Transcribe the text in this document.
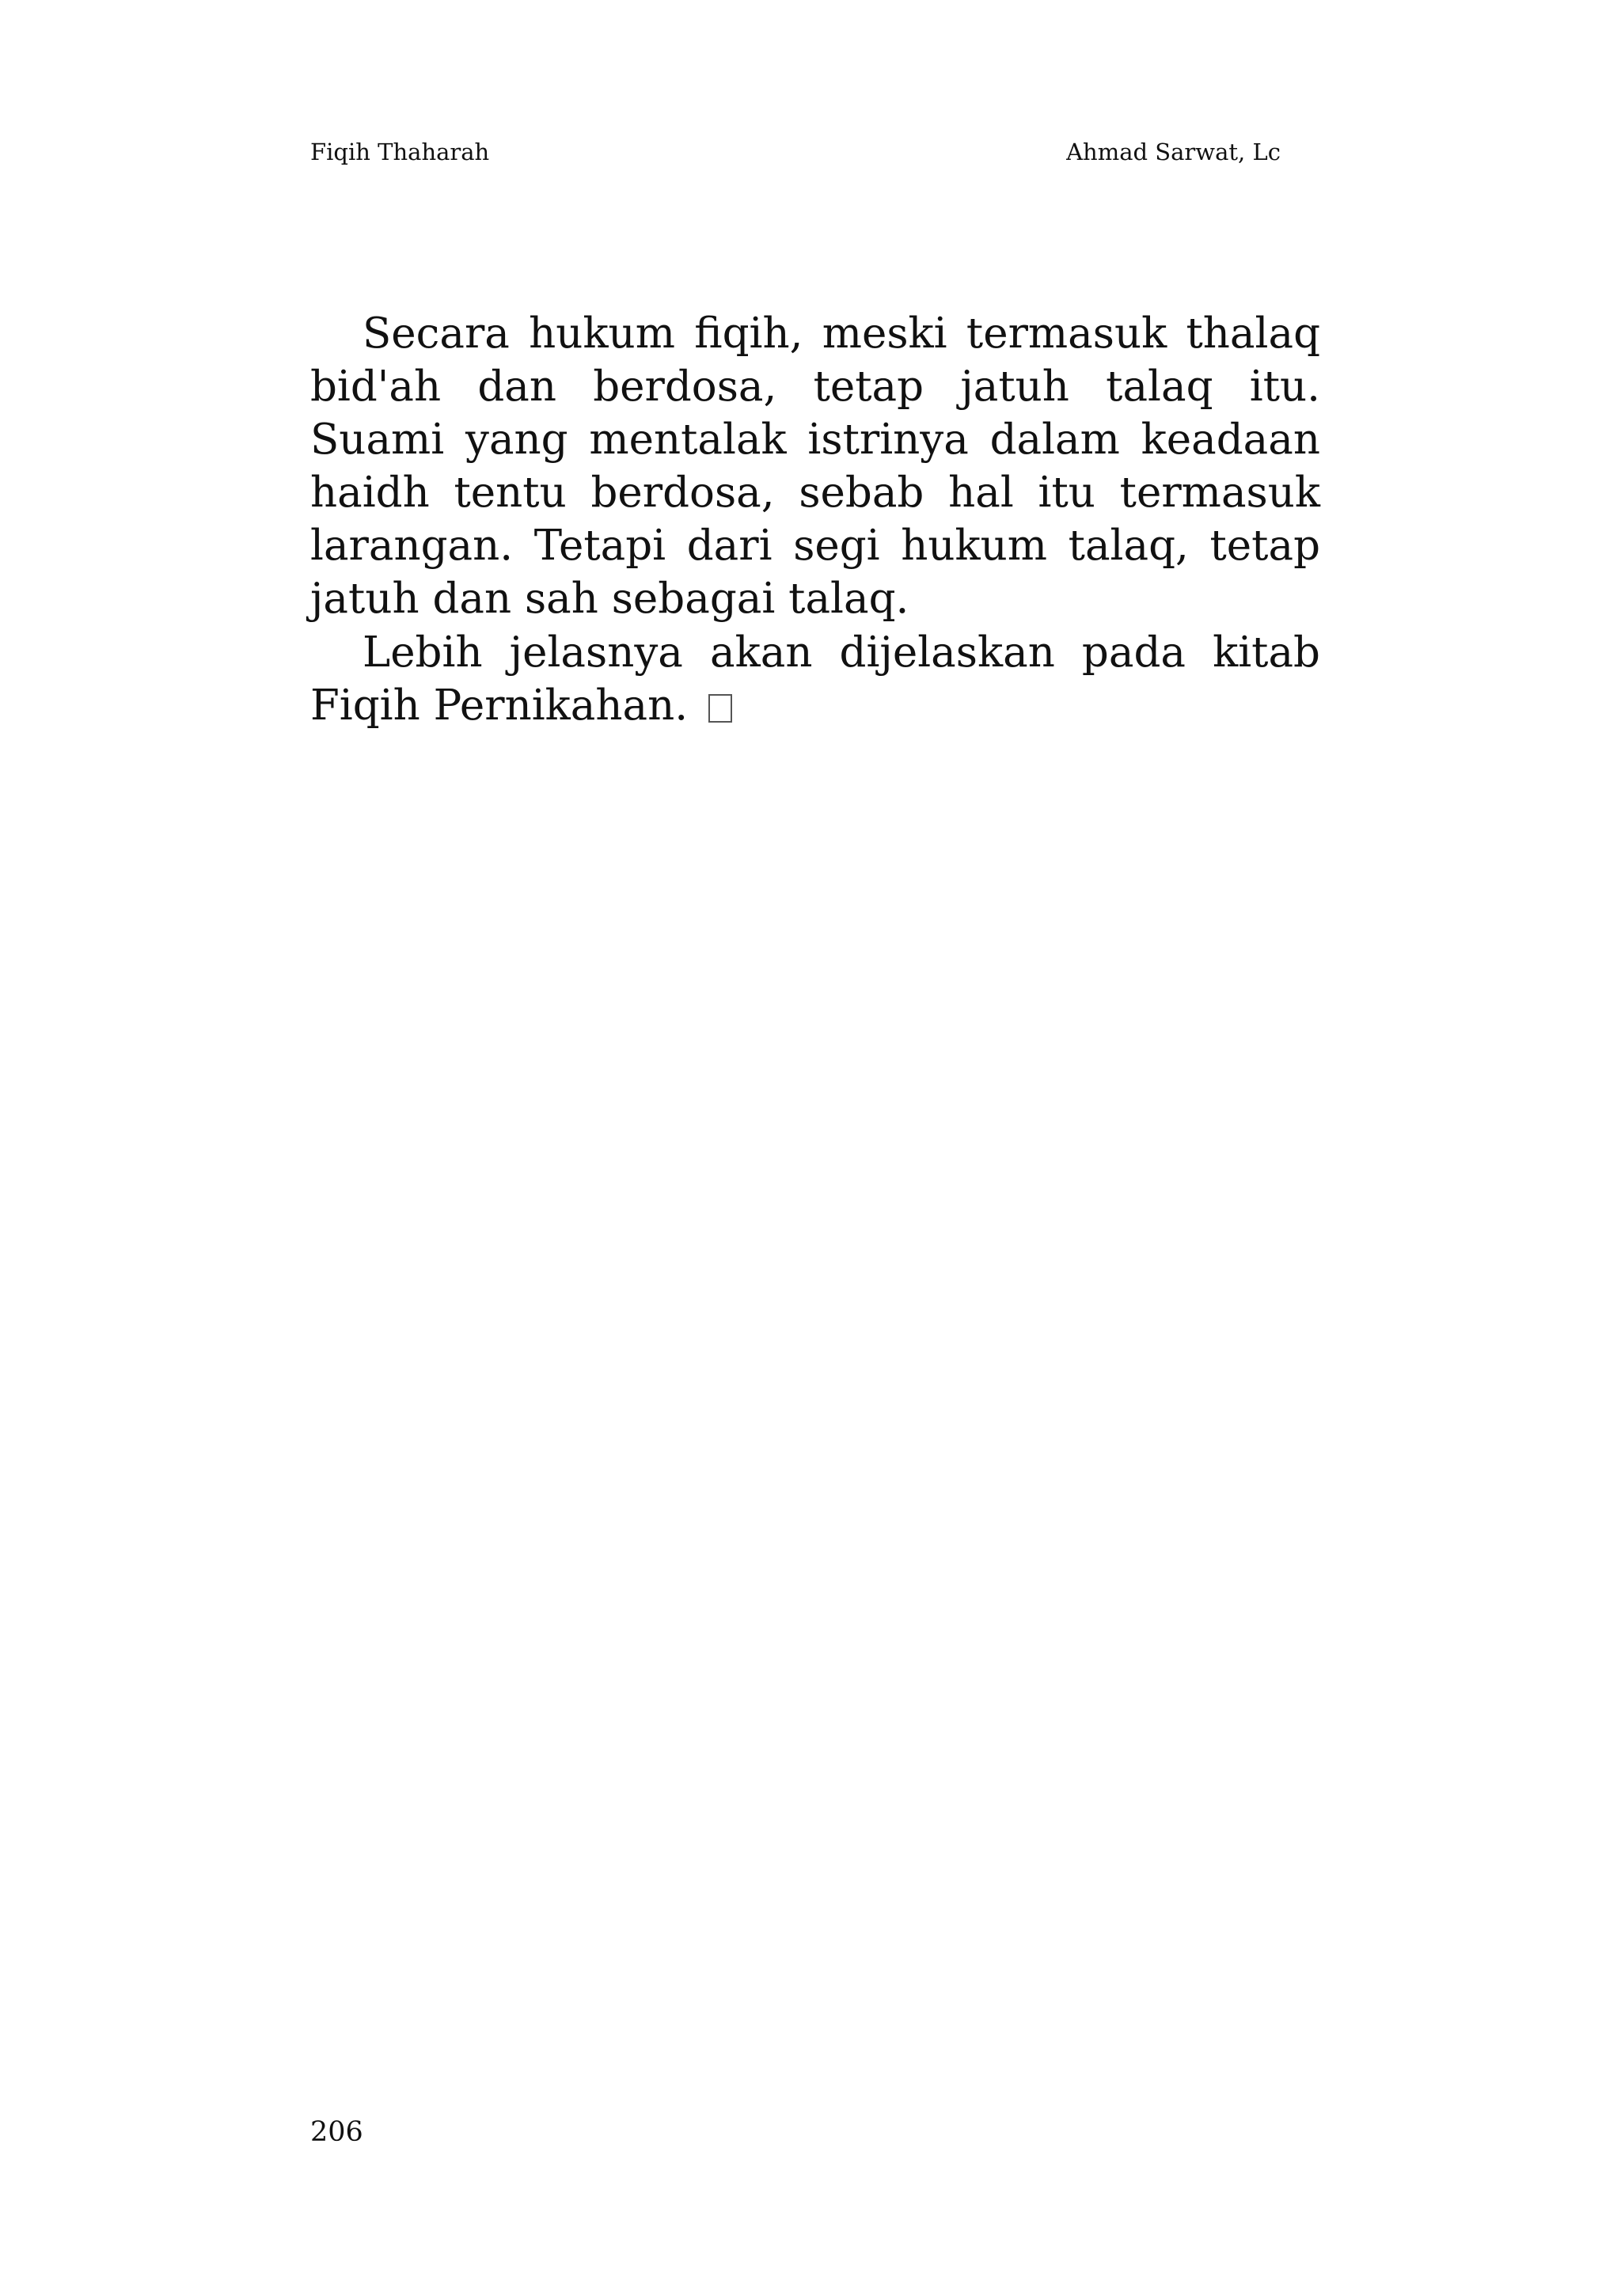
Fiqih Thaharah	Ahmad Sarwat, Lc

Secara hukum fiqih, meski termasuk thalaq bid'ah dan berdosa, tetap jatuh talaq itu. Suami yang mentalak istrinya dalam keadaan haidh tentu berdosa, sebab hal itu termasuk larangan. Tetapi dari segi hukum talaq, tetap jatuh dan sah sebagai talaq.

Lebih jelasnya akan dijelaskan pada kitab Fiqih Pernikahan.

206
